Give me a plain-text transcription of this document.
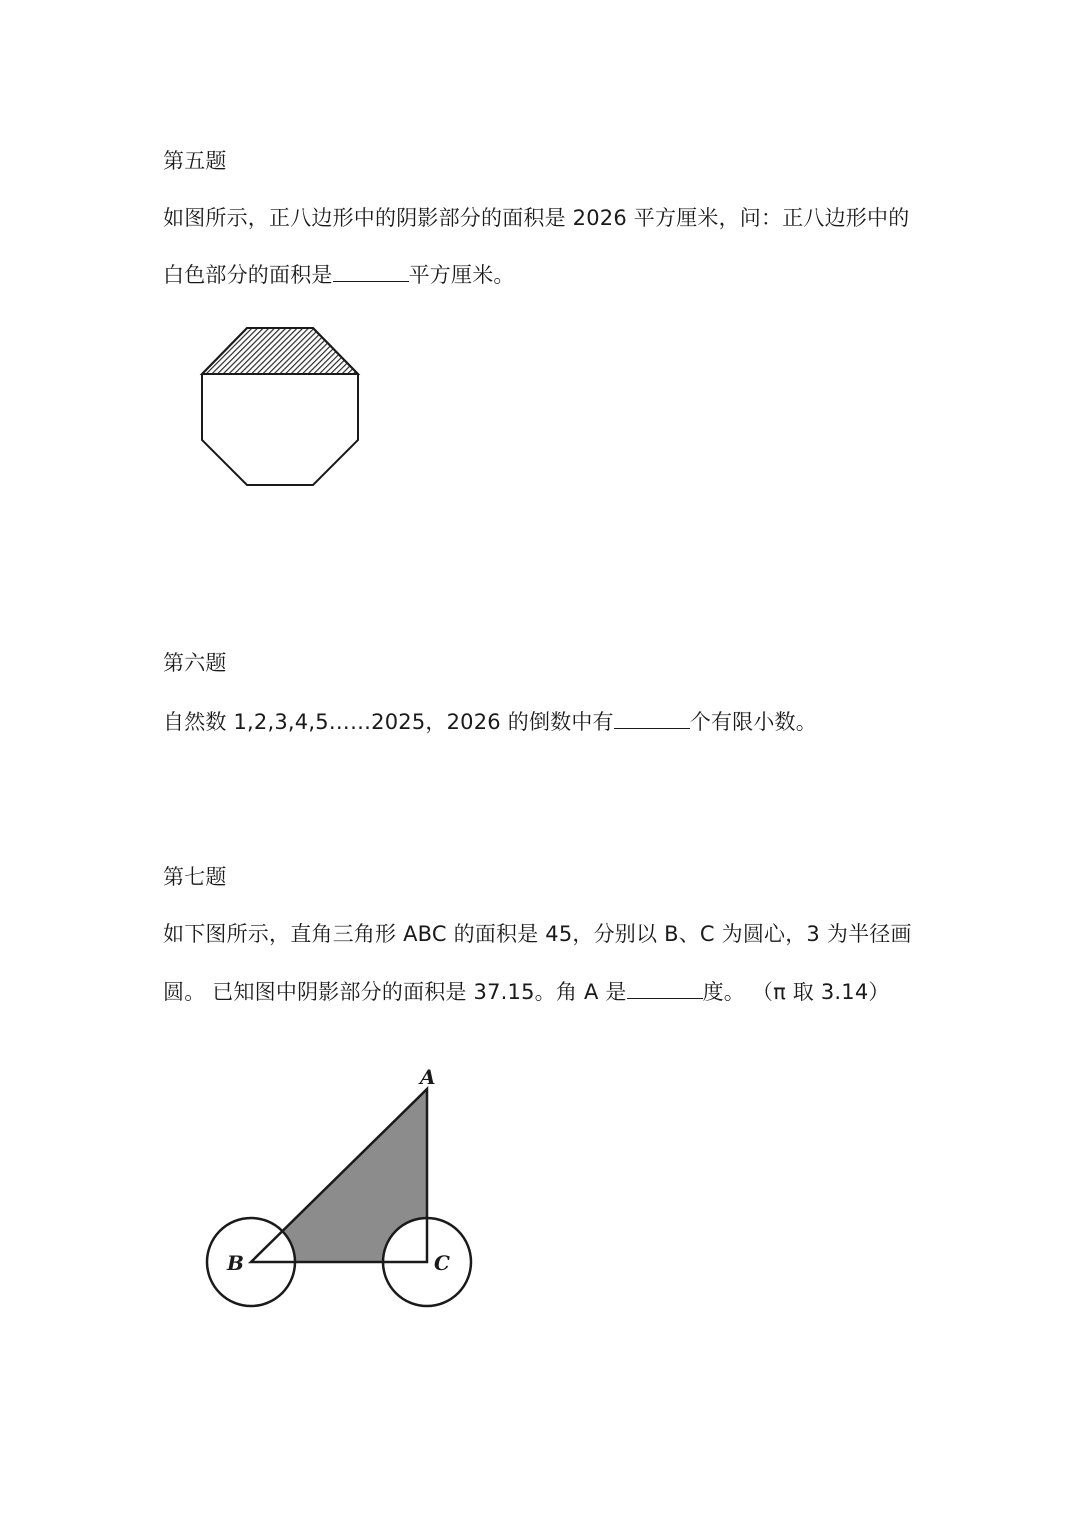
第五题
如图所示，正八边形中的阴影部分的面积是 2026 平方厘米，问：正八边形中的
白色部分的面积是	平方厘米。
第六题
自然数 1,2,3,4,5……2025，2026 的倒数中有	个有限小数。
第七题
如下图所示，直角三角形 ABC 的面积是 45，分别以 B、C 为圆心，3 为半径画
圆。 已知图中阴影部分的面积是 37.15。角 A 是	度。 （π 取 3.14）
A
B	C
